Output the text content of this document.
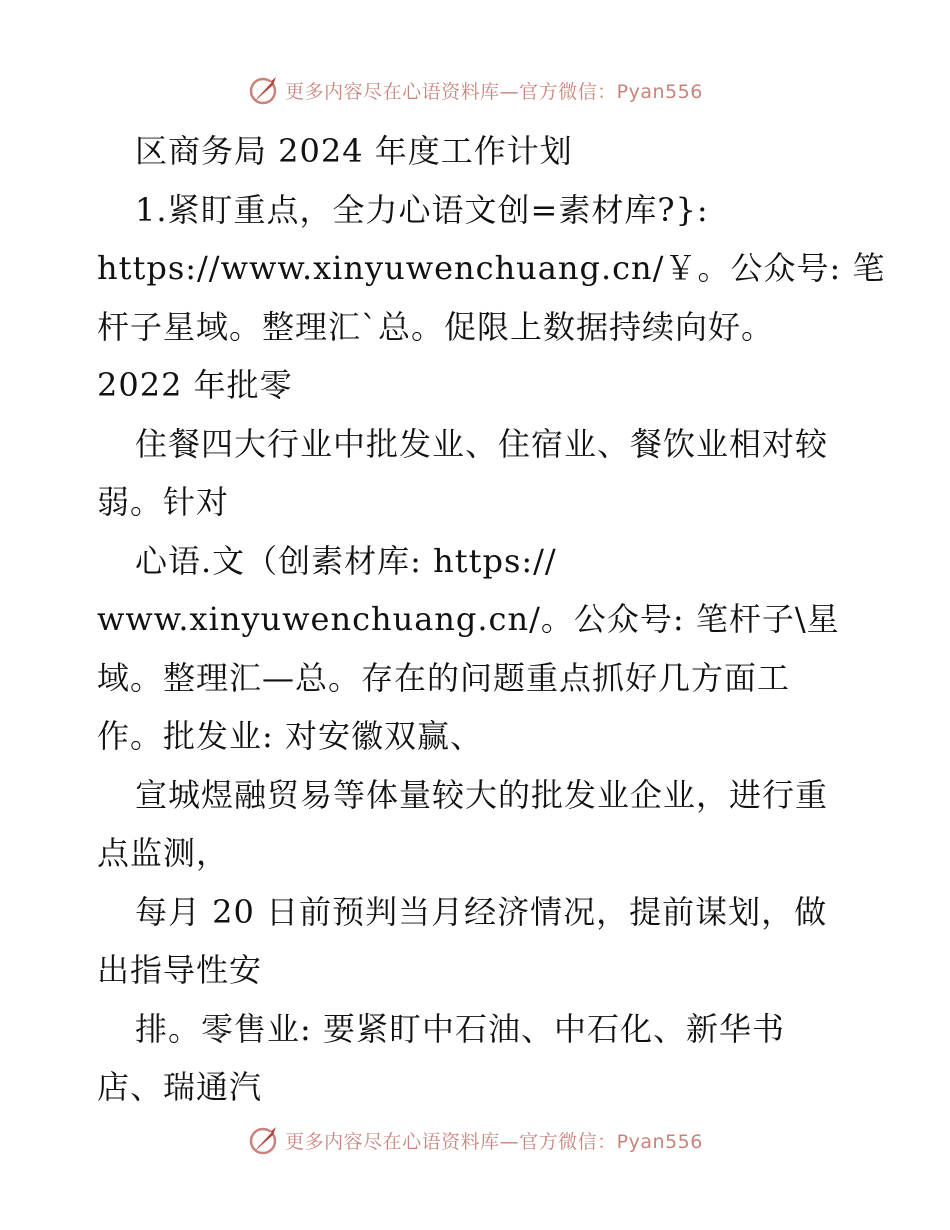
更多内容尽在心语资料库—官方微信：Pyan556
区商务局 2024 年度工作计划
1.紧盯重点，全力心语文创=素材库?}:
https://www.xinyuwenchuang.cn/￥。公众号: 笔
杆子星域。整理汇`总。促限上数据持续向好。
2022 年批零
住餐四大行业中批发业、住宿业、餐饮业相对较
弱。针对
心语.文（创素材库: https://
www.xinyuwenchuang.cn/。公众号: 笔杆子\星
域。整理汇—总。存在的问题重点抓好几方面工
作。批发业: 对安徽双赢、
宣城煜融贸易等体量较大的批发业企业，进行重
点监测，
每月 20 日前预判当月经济情况，提前谋划，做
出指导性安
排。零售业: 要紧盯中石油、中石化、新华书
店、瑞通汽
更多内容尽在心语资料库—官方微信：Pyan556
